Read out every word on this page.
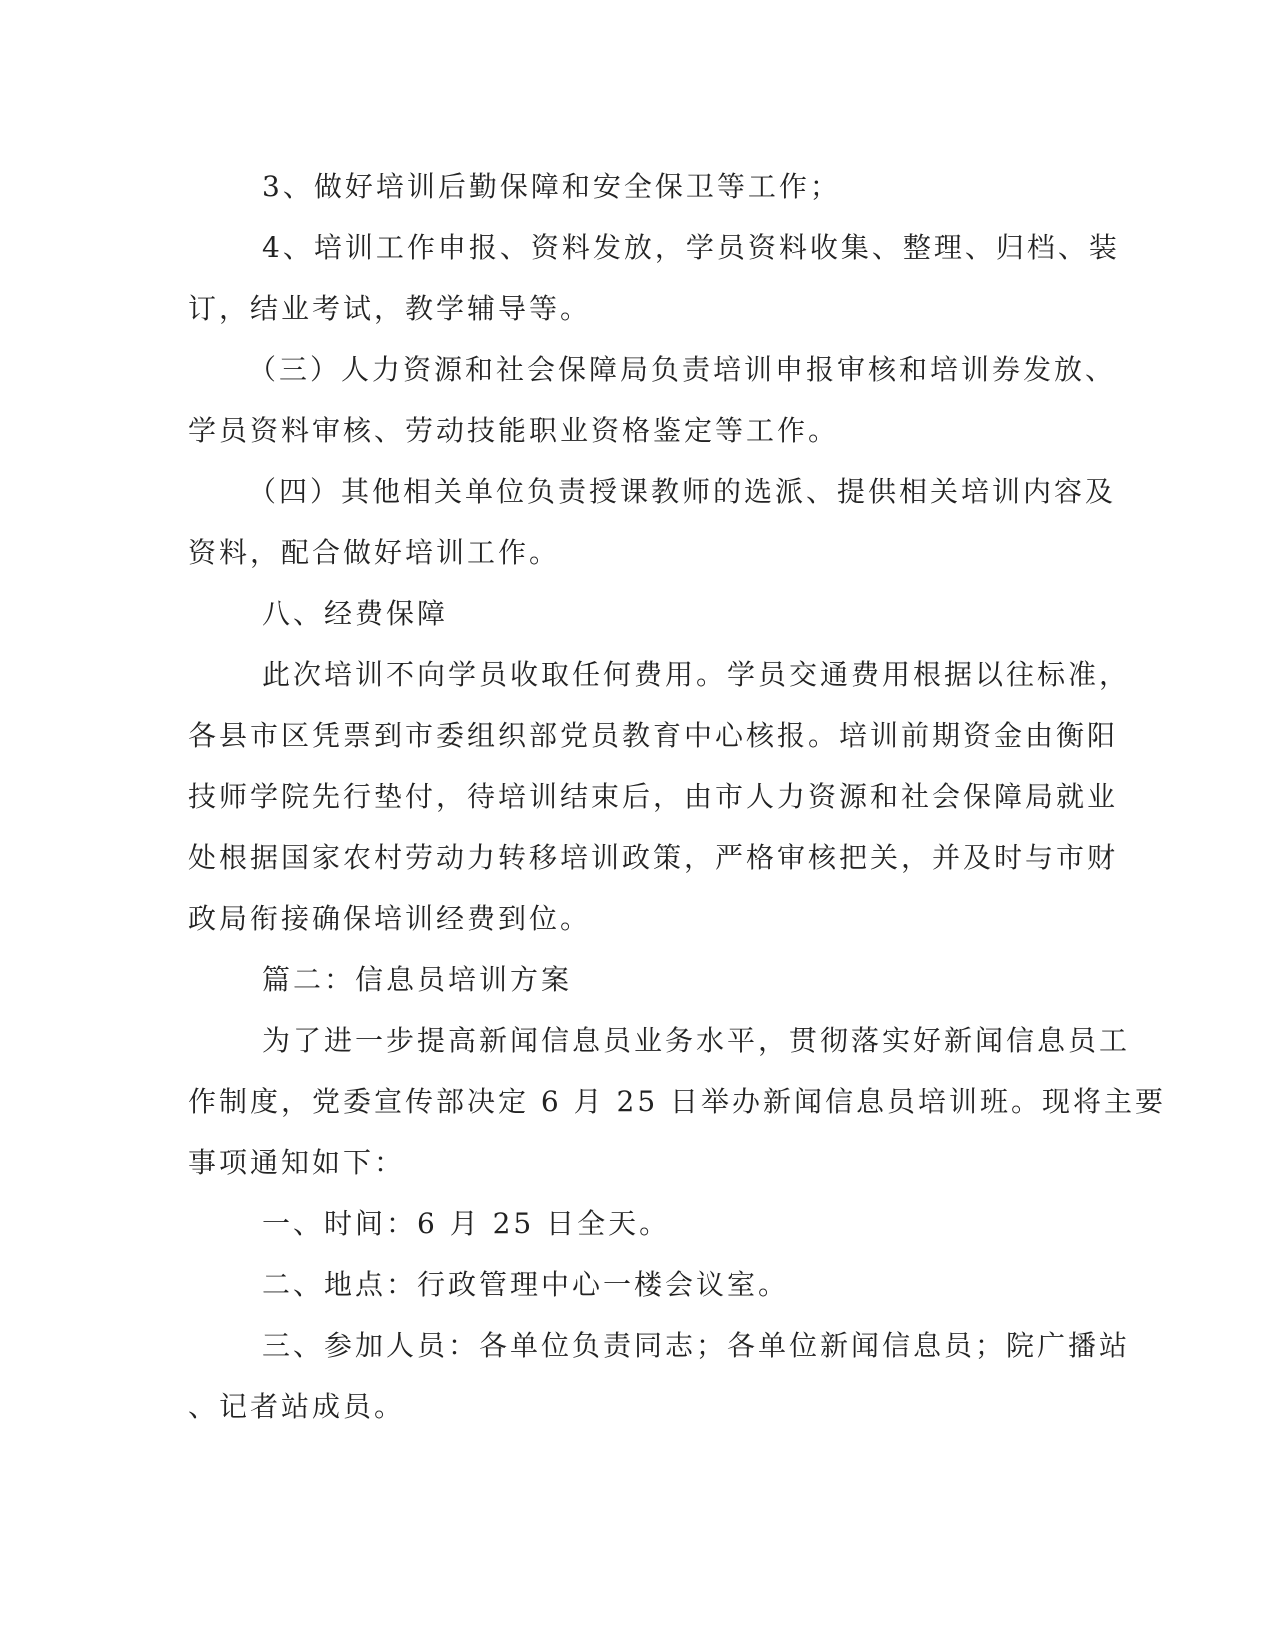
3、做好培训后勤保障和安全保卫等工作；

4、培训工作申报、资料发放，学员资料收集、整理、归档、装
订，结业考试，教学辅导等。

（三）人力资源和社会保障局负责培训申报审核和培训券发放、
学员资料审核、劳动技能职业资格鉴定等工作。

（四）其他相关单位负责授课教师的选派、提供相关培训内容及
资料，配合做好培训工作。

八、经费保障

此次培训不向学员收取任何费用。学员交通费用根据以往标准，
各县市区凭票到市委组织部党员教育中心核报。培训前期资金由衡阳
技师学院先行垫付，待培训结束后，由市人力资源和社会保障局就业
处根据国家农村劳动力转移培训政策，严格审核把关，并及时与市财
政局衔接确保培训经费到位。

篇二：信息员培训方案

为了进一步提高新闻信息员业务水平，贯彻落实好新闻信息员工
作制度，党委宣传部决定 6 月 25 日举办新闻信息员培训班。现将主要
事项通知如下：

一、时间：6 月 25 日全天。

二、地点：行政管理中心一楼会议室。

三、参加人员：各单位负责同志；各单位新闻信息员；院广播站
、记者站成员。
